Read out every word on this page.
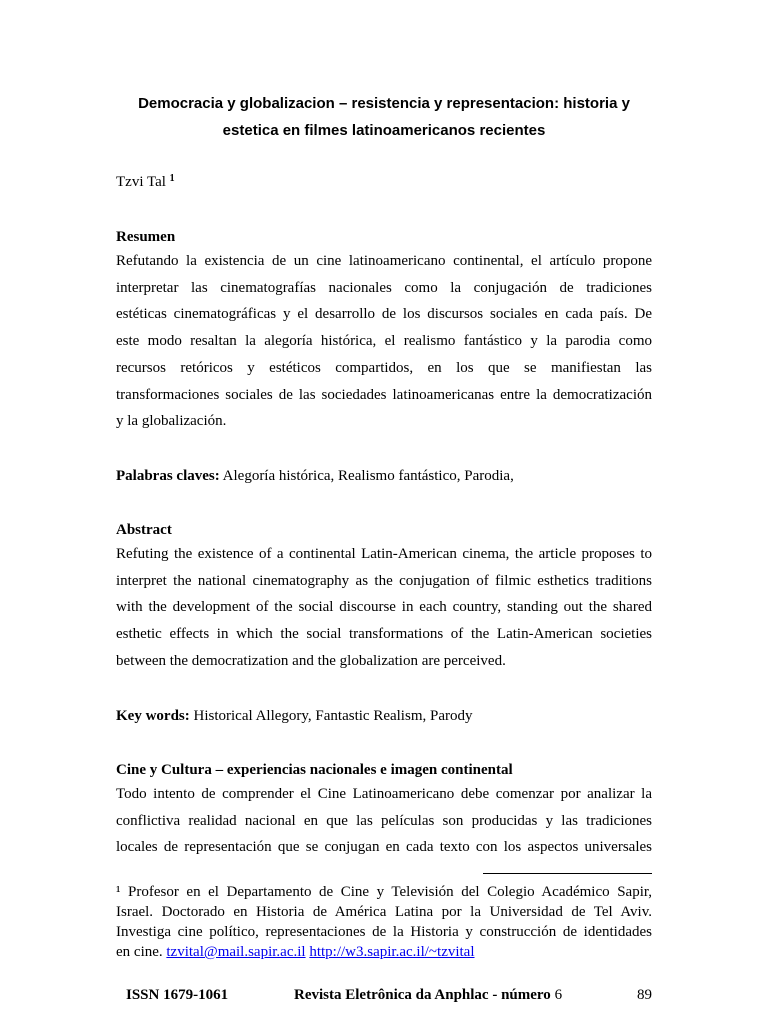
Democracia y globalizacion – resistencia y representacion: historia y
estetica en filmes latinoamericanos recientes
Tzvi Tal $^1$
Resumen
Refutando la existencia de un cine latinoamericano continental, el artículo propone
interpretar las cinematografías nacionales como la conjugación de tradiciones
estéticas cinematográficas y el desarrollo de los discursos sociales en cada país. De
este modo resaltan la alegoría histórica, el realismo fantástico y la parodia como
recursos retóricos y estéticos compartidos, en los que se manifiestan las
transformaciones sociales de las sociedades latinoamericanas entre la democratización
y la globalización.
Palabras claves: Alegoría histórica, Realismo fantástico, Parodia,
Abstract
Refuting the existence of a continental Latin-American cinema, the article proposes to
interpret the national cinematography as the conjugation of filmic esthetics traditions
with the development of the social discourse in each country, standing out the shared
esthetic effects in which the social transformations of the Latin-American societies
between the democratization and the globalization are perceived.
Key words: Historical Allegory, Fantastic Realism, Parody
Cine y Cultura – experiencias nacionales e imagen continental
Todo intento de comprender el Cine Latinoamericano debe comenzar por analizar la
conflictiva realidad nacional en que las películas son producidas y las tradiciones
locales de representación que se conjugan en cada texto con los aspectos universales
¹ Profesor en el Departamento de Cine y Televisión del Colegio Académico Sapir,
Israel. Doctorado en Historia de América Latina por la Universidad de Tel Aviv.
Investiga cine político, representaciones de la Historia y construcción de identidades
en cine. tzvital@mail.sapir.ac.il http://w3.sapir.ac.il/~tzvital
ISSN 1679-1061	Revista Eletrônica da Anphlac - número 6	89
